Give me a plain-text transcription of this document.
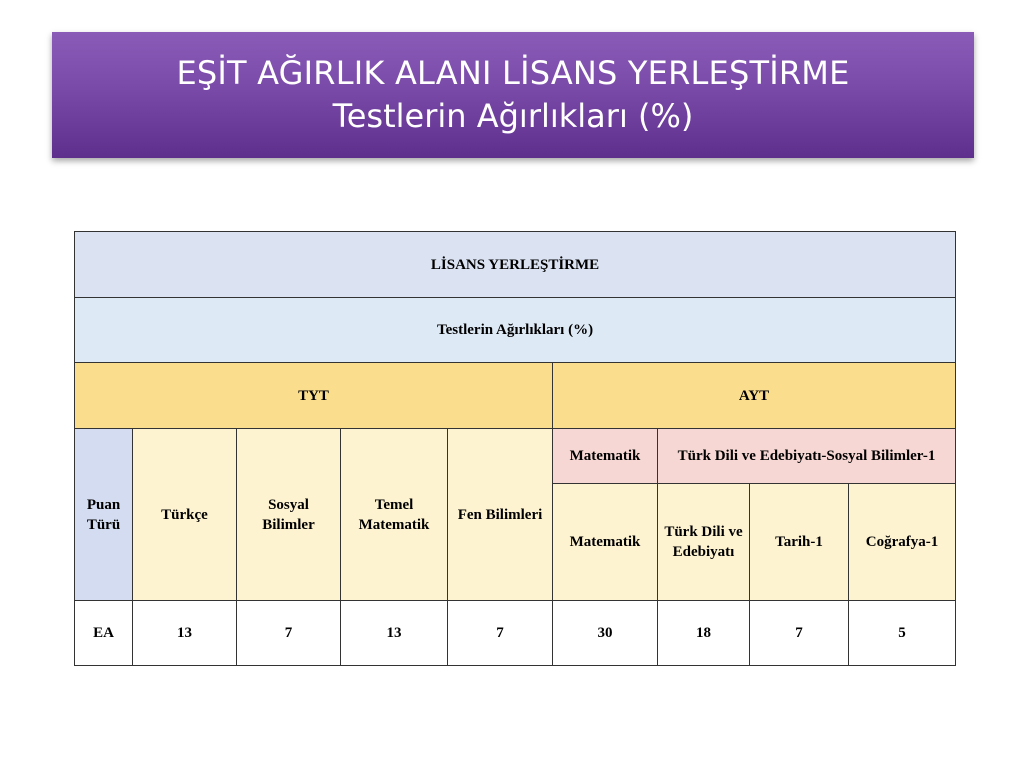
EŞİT AĞIRLIK ALANI LİSANS YERLEŞTİRME
Testlerin Ağırlıkları (%)
LİSANS YERLEŞTİRME								
Testlerin Ağırlıkları (%)								
TYT					AYT			
Puan Türü	Türkçe	Sosyal Bilimler	Temel Matematik	Fen Bilimleri	Matematik	Türk Dili ve Edebiyatı-Sosyal Bilimler-1		
					Matematik	Türk Dili ve Edebiyatı	Tarih-1	Coğrafya-1
EA	13	7	13	7	30	18	7	5
